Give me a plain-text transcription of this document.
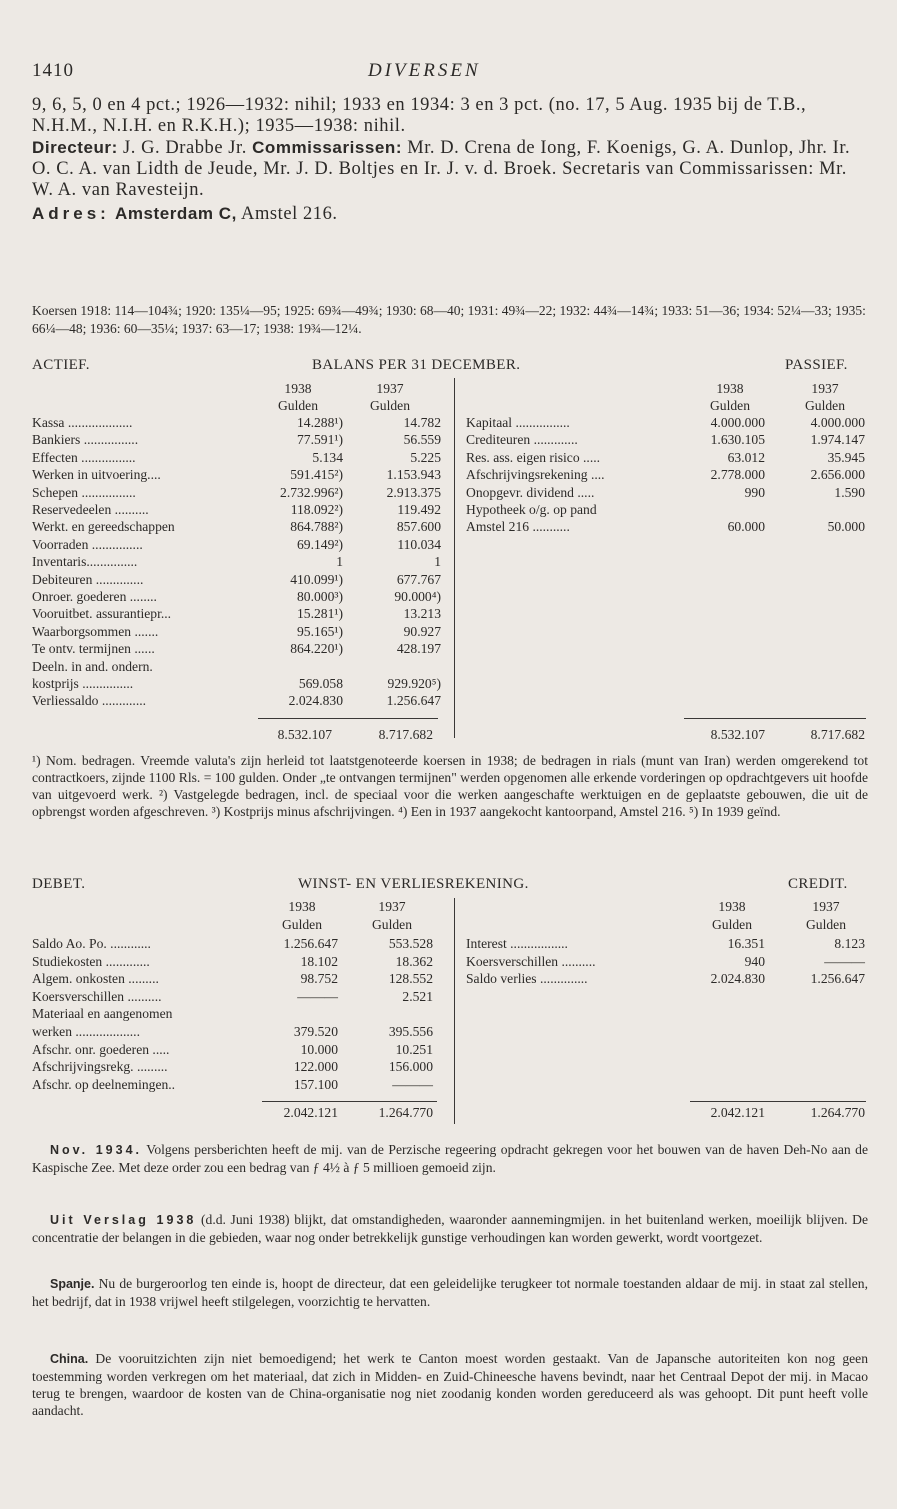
1410	DIVERSEN

9, 6, 5, 0 en 4 pct.; 1926—1932: nihil; 1933 en 1934: 3 en 3 pct. (no. 17, 5 Aug. 1935 bij de T.B., N.H.M., N.I.H. en R.K.H.); 1935—1938: nihil.

Directeur: J. G. Drabbe Jr. Commissarissen: Mr. D. Crena de Iong, F. Koenigs, G. A. Dunlop, Jhr. Ir. O. C. A. van Lidth de Jeude, Mr. J. D. Boltjes en Ir. J. v. d. Broek. Secretaris van Commissarissen: Mr. W. A. van Ravesteijn.

Adres: Amsterdam C, Amstel 216.

Koersen 1918: 114—104¾; 1920: 135¼—95; 1925: 69¾—49¾; 1930: 68—40; 1931: 49¾—22; 1932: 44¾—14¾; 1933: 51—36; 1934: 52¼—33; 1935: 66¼—48; 1936: 60—35¼; 1937: 63—17; 1938: 19¾—12¼.
ACTIEF.	BALANS PER 31 DECEMBER.	PASSIEF.
1938	1937
Gulden	Gulden
1938	1937
Gulden	Gulden
Kassa ...................	14.288¹)	14.782
Bankiers ................	77.591¹)	56.559
Effecten ................	5.134	5.225
Werken in uitvoering....	591.415²)	1.153.943
Schepen ................	2.732.996²)	2.913.375
Reservedeelen ..........	118.092²)	119.492
Werkt. en gereedschappen	864.788²)	857.600
Voorraden ...............	69.149²)	110.034
Inventaris...............	1	1
Debiteuren ..............	410.099¹)	677.767
Onroer. goederen ........	80.000³)	90.000⁴)
Vooruitbet. assurantiepr...	15.281¹)	13.213
Waarborgsommen .......	95.165¹)	90.927
Te ontv. termijnen ......	864.220¹)	428.197
Deeln. in and. ondern.
kostprijs ...............	569.058	929.920⁵)
Verliessaldo .............	2.024.830	1.256.647
Kapitaal ................	4.000.000	4.000.000
Crediteuren .............	1.630.105	1.974.147
Res. ass. eigen risico .....	63.012	35.945
Afschrijvingsrekening ....	2.778.000	2.656.000
Onopgevr. dividend .....	990	1.590
Hypotheek o/g. op pand
Amstel 216 ...........	60.000	50.000
8.532.107	8.717.682	8.532.107	8.717.682
¹) Nom. bedragen. Vreemde valuta's zijn herleid tot laatstgenoteerde koersen in 1938; de bedragen in rials (munt van Iran) werden omgerekend tot contractkoers, zijnde 1100 Rls. = 100 gulden. Onder „te ontvangen termijnen" werden opgenomen alle erkende vorderingen op opdrachtgevers uit hoofde van uitgevoerd werk. ²) Vastgelegde bedragen, incl. de speciaal voor die werken aangeschafte werktuigen en de geplaatste gebouwen, die uit de opbrengst worden afgeschreven. ³) Kostprijs minus afschrijvingen. ⁴) Een in 1937 aangekocht kantoorpand, Amstel 216. ⁵) In 1939 geïnd.
DEBET.	WINST- EN VERLIESREKENING.	CREDIT.
1938	1937
Gulden	Gulden
1938	1937
Gulden	Gulden
Saldo Ao. Po. ............	1.256.647	553.528
Studiekosten .............	18.102	18.362
Algem. onkosten .........	98.752	128.552
Koersverschillen ..........	———	2.521
Materiaal en aangenomen
werken ...................	379.520	395.556
Afschr. onr. goederen .....	10.000	10.251
Afschrijvingsrekg. .........	122.000	156.000
Afschr. op deelnemingen..	157.100	———
Interest .................	16.351	8.123
Koersverschillen ..........	940	———
Saldo verlies ..............	2.024.830	1.256.647
2.042.121	1.264.770	2.042.121	1.264.770
Nov. 1934. Volgens persberichten heeft de mij. van de Perzische regeering opdracht gekregen voor het bouwen van de haven Deh-No aan de Kaspische Zee. Met deze order zou een bedrag van ƒ 4½ à ƒ 5 millioen gemoeid zijn.
Uit Verslag 1938 (d.d. Juni 1938) blijkt, dat omstandigheden, waaronder aannemingmijen. in het buitenland werken, moeilijk blijven. De concentratie der belangen in die gebieden, waar nog onder betrekkelijk gunstige verhoudingen kan worden gewerkt, wordt voortgezet.
Spanje. Nu de burgeroorlog ten einde is, hoopt de directeur, dat een geleidelijke terugkeer tot normale toestanden aldaar de mij. in staat zal stellen, het bedrijf, dat in 1938 vrijwel heeft stilgelegen, voorzichtig te hervatten.
China. De vooruitzichten zijn niet bemoedigend; het werk te Canton moest worden gestaakt. Van de Japansche autoriteiten kon nog geen toestemming worden verkregen om het materiaal, dat zich in Midden- en Zuid-Chineesche havens bevindt, naar het Centraal Depot der mij. in Macao terug te brengen, waardoor de kosten van de China-organisatie nog niet zoodanig konden worden gereduceerd als was gehoopt. Dit punt heeft volle aandacht.
